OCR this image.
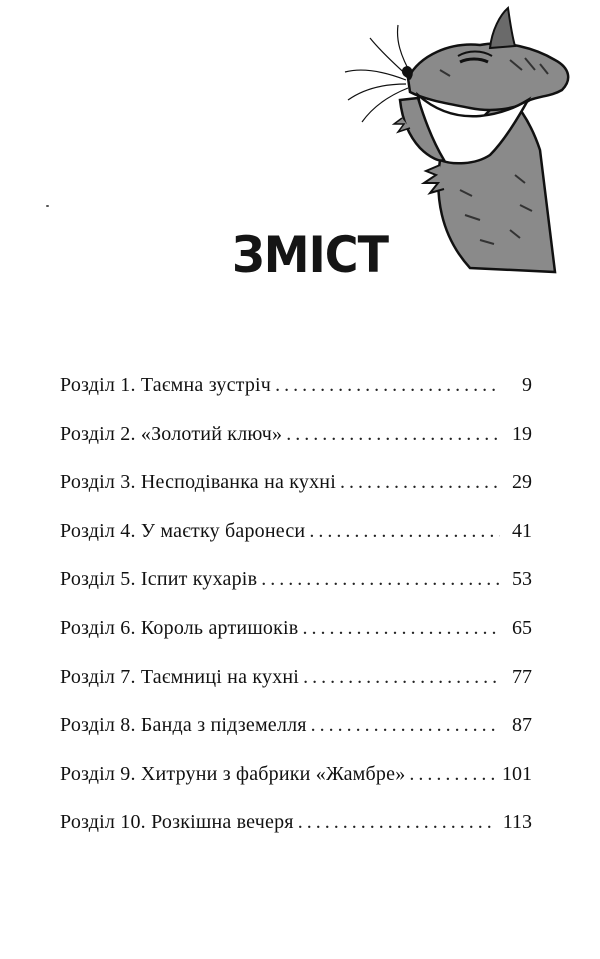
ЗМІСТ
Розділ 1. Таємна зустріч .....	9
Розділ 2. «Золотий ключ» .....	19
Розділ 3. Несподіванка на кухні .....	29
Розділ 4. У маєтку баронеси .....	41
Розділ 5. Іспит кухарів .....	53
Розділ 6. Король артишоків .....	65
Розділ 7. Таємниці на кухні .....	77
Розділ 8. Банда з підземелля .....	87
Розділ 9. Хитруни з фабрики «Жамбре» .....	101
Розділ 10. Розкішна вечеря .....	113
